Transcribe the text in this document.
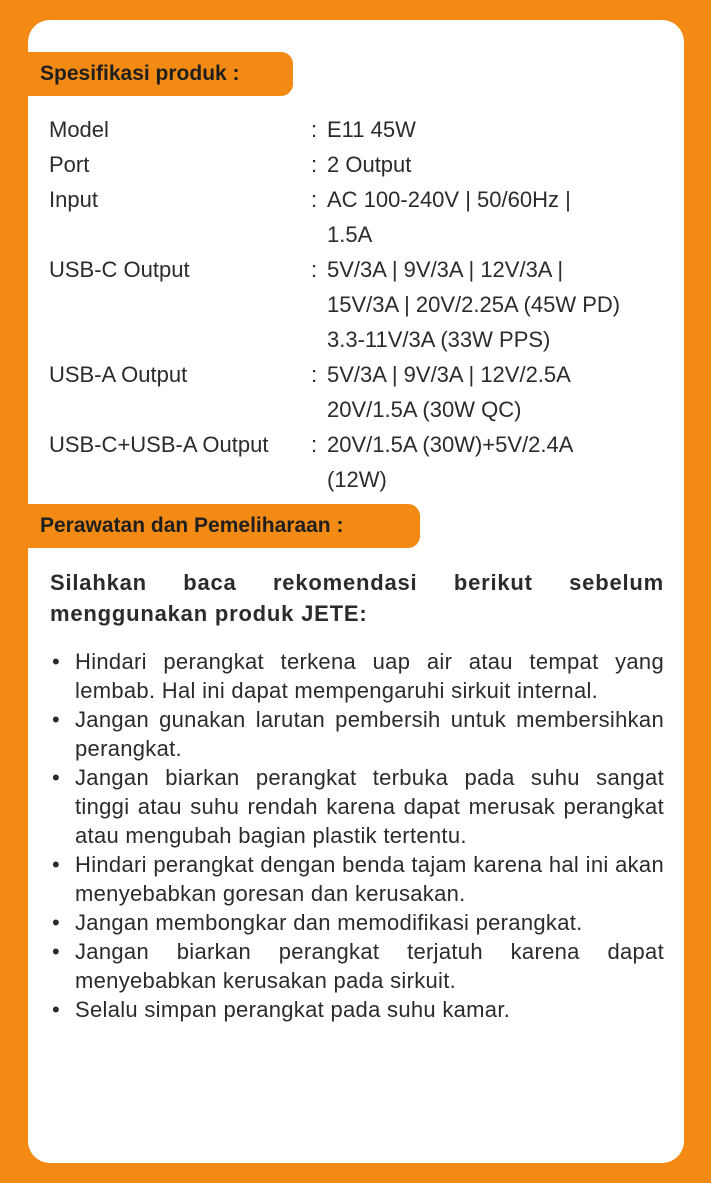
Spesifikasi produk :
Model	: E11 45W
Port	: 2 Output
Input	: AC 100-240V | 50/60Hz |
1.5A
USB-C Output	: 5V/3A | 9V/3A | 12V/3A |
15V/3A | 20V/2.25A (45W PD)
3.3-11V/3A (33W PPS)
USB-A Output	: 5V/3A | 9V/3A | 12V/2.5A
20V/1.5A (30W QC)
USB-C+USB-A Output	: 20V/1.5A (30W)+5V/2.4A
(12W)
Perawatan dan Pemeliharaan :

Silahkan baca rekomendasi berikut sebelum menggunakan produk JETE:

• Hindari perangkat terkena uap air atau tempat yang lembab. Hal ini dapat mempengaruhi sirkuit internal.
• Jangan gunakan larutan pembersih untuk membersihkan perangkat.
• Jangan biarkan perangkat terbuka pada suhu sangat tinggi atau suhu rendah karena dapat merusak perangkat atau mengubah bagian plastik tertentu.
• Hindari perangkat dengan benda tajam karena hal ini akan menyebabkan goresan dan kerusakan.
• Jangan membongkar dan memodifikasi perangkat.
• Jangan biarkan perangkat terjatuh karena dapat menyebabkan kerusakan pada sirkuit.
• Selalu simpan perangkat pada suhu kamar.
